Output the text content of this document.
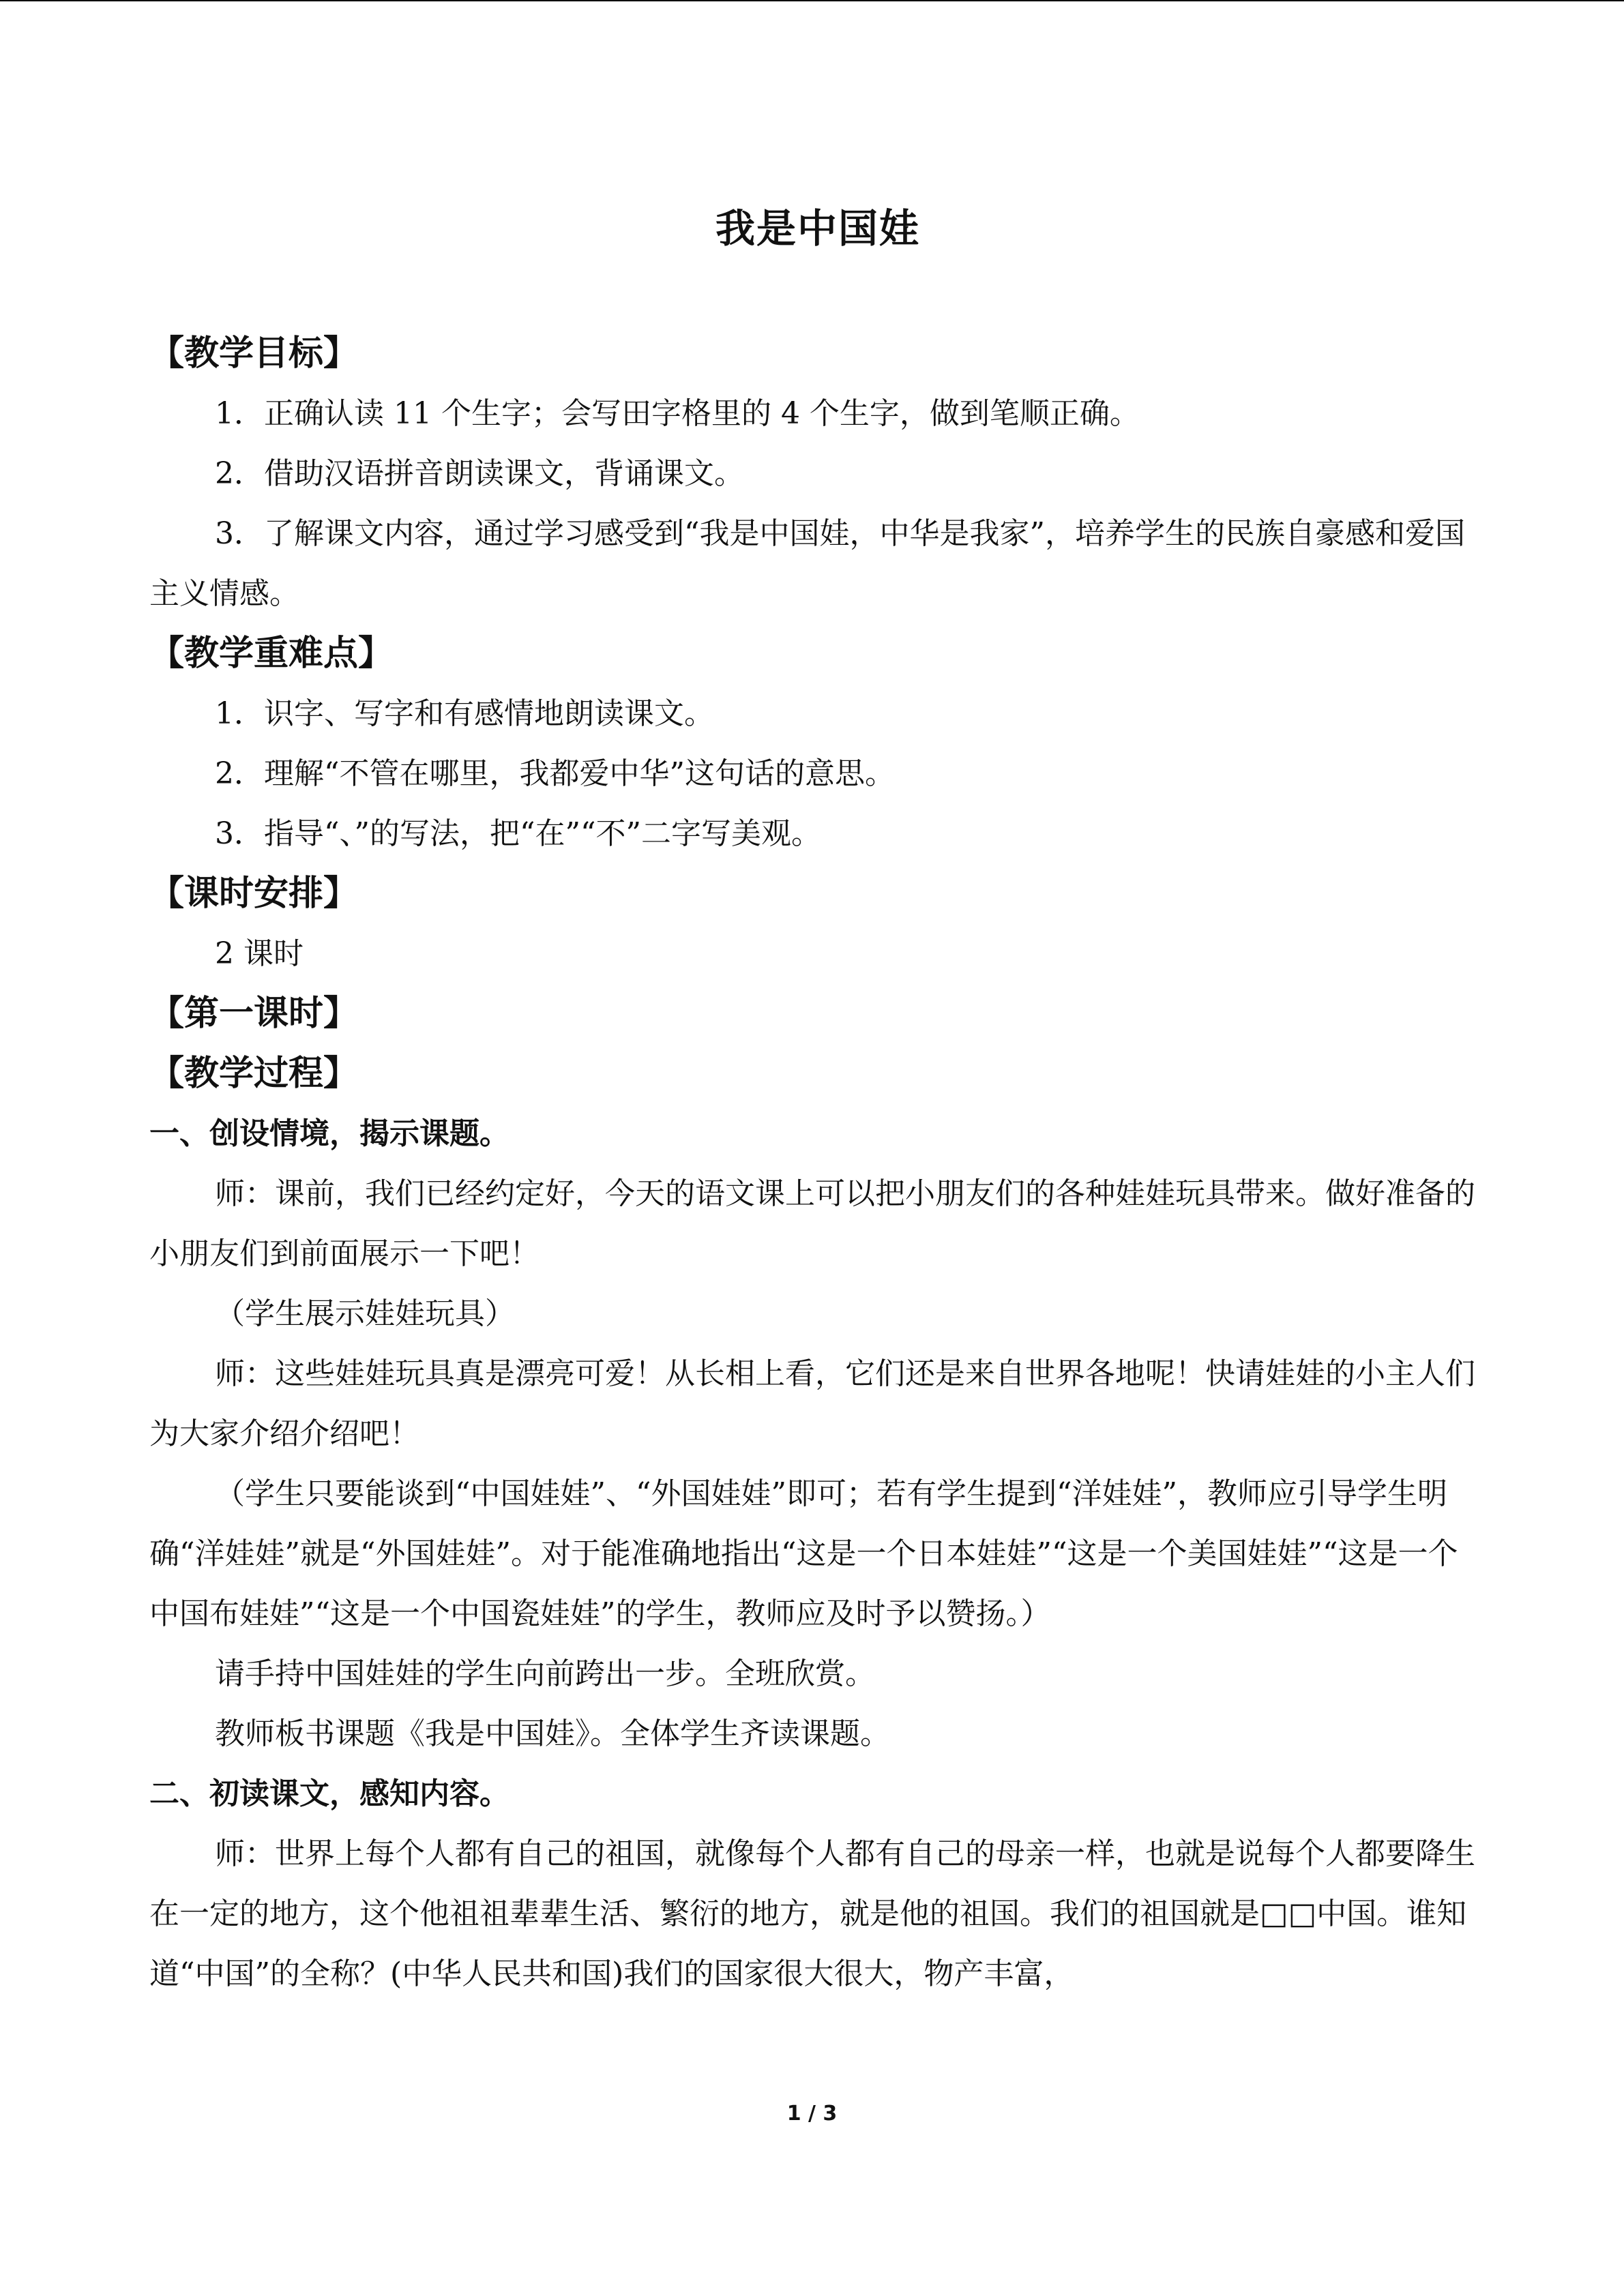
我是中国娃
【教学目标】

1．正确认读 11 个生字；会写田字格里的 4 个生字，做到笔顺正确。

2．借助汉语拼音朗读课文，背诵课文。

3．了解课文内容，通过学习感受到“我是中国娃，中华是我家”，培养学生的民族自豪感和爱国主义情感。

【教学重难点】

1．识字、写字和有感情地朗读课文。

2．理解“不管在哪里，我都爱中华”这句话的意思。

3．指导“、”的写法，把“在”“不”二字写美观。

【课时安排】

2 课时

【第一课时】
【教学过程】
一、创设情境，揭示课题。

师：课前，我们已经约定好，今天的语文课上可以把小朋友们的各种娃娃玩具带来。做好准备的小朋友们到前面展示一下吧！

（学生展示娃娃玩具）

师：这些娃娃玩具真是漂亮可爱！从长相上看，它们还是来自世界各地呢！快请娃娃的小主人们为大家介绍介绍吧！

（学生只要能谈到“中国娃娃”、“外国娃娃”即可；若有学生提到“洋娃娃”，教师应引导学生明确“洋娃娃”就是“外国娃娃”。对于能准确地指出“这是一个日本娃娃”“这是一个美国娃娃”“这是一个中国布娃娃”“这是一个中国瓷娃娃”的学生，教师应及时予以赞扬。）

请手持中国娃娃的学生向前跨出一步。全班欣赏。

教师板书课题《我是中国娃》。全体学生齐读课题。

二、初读课文，感知内容。

师：世界上每个人都有自己的祖国，就像每个人都有自己的母亲一样，也就是说每个人都要降生在一定的地方，这个他祖祖辈辈生活、繁衍的地方，就是他的祖国。我们的祖国就是□□中国。谁知道“中国”的全称？(中华人民共和国)我们的国家很大很大，物产丰富，

1 / 3
